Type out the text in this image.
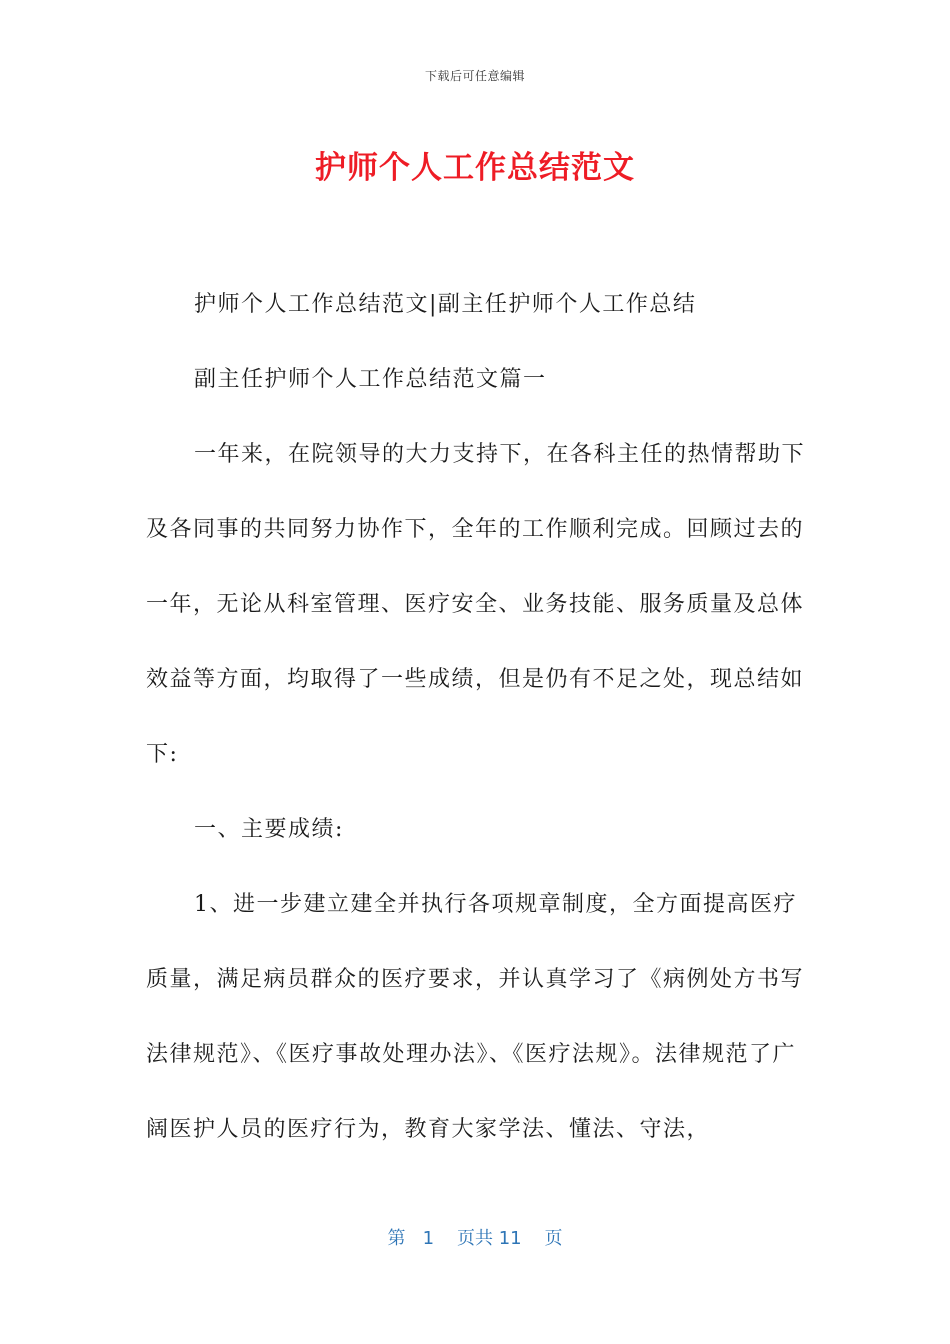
下载后可任意编辑
护师个人工作总结范文

护师个人工作总结范文|副主任护师个人工作总结

副主任护师个人工作总结范文篇一

一年来，在院领导的大力支持下，在各科主任的热情帮助下及各同事的共同努力协作下，全年的工作顺利完成。回顾过去的一年，无论从科室管理、医疗安全、业务技能、服务质量及总体效益等方面，均取得了一些成绩，但是仍有不足之处，现总结如下:

一、主要成绩:

1、进一步建立建全并执行各项规章制度，全方面提高医疗质量，满足病员群众的医疗要求，并认真学习了《病例处方书写法律规范》、《医疗事故处理办法》、《医疗法规》。法律规范了广阔医护人员的医疗行为，教育大家学法、懂法、守法，

第 1 页共 11 页
